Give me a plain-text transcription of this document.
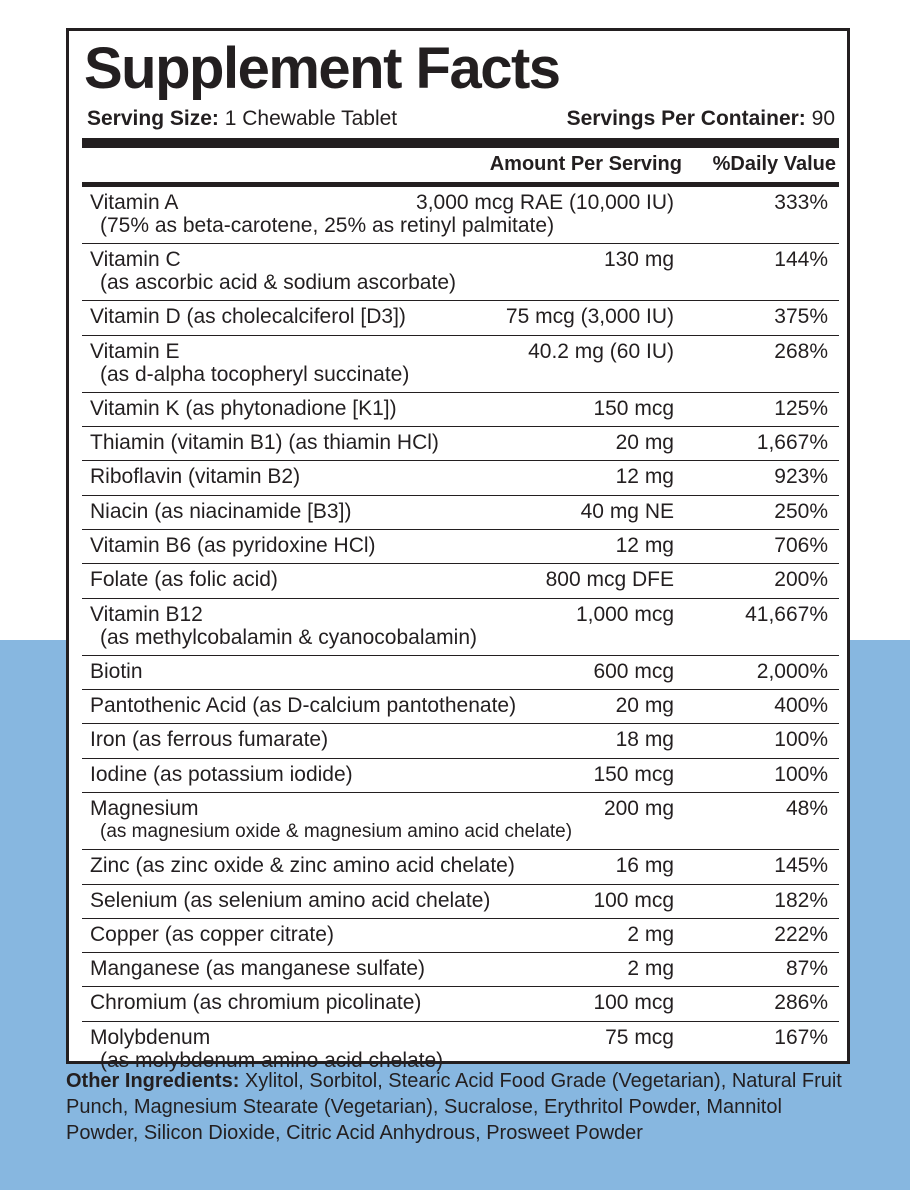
Supplement Facts
Serving Size: 1 Chewable Tablet	Servings Per Container: 90
Amount Per Serving %Daily Value
Vitamin A	3,000 mcg RAE (10,000 IU)	333%
(75% as beta-carotene, 25% as retinyl palmitate)
Vitamin C	130 mg	144%
(as ascorbic acid & sodium ascorbate)
Vitamin D (as cholecalciferol [D3])	75 mcg (3,000 IU)	375%
Vitamin E	40.2 mg (60 IU)	268%
(as d-alpha tocopheryl succinate)
Vitamin K (as phytonadione [K1])	150 mcg	125%
Thiamin (vitamin B1) (as thiamin HCl)	20 mg	1,667%
Riboflavin (vitamin B2)	12 mg	923%
Niacin (as niacinamide [B3])	40 mg NE	250%
Vitamin B6 (as pyridoxine HCl)	12 mg	706%
Folate (as folic acid)	800 mcg DFE	200%
Vitamin B12	1,000 mcg	41,667%
(as methylcobalamin & cyanocobalamin)
Biotin	600 mcg	2,000%
Pantothenic Acid (as D-calcium pantothenate)	20 mg	400%
Iron (as ferrous fumarate)	18 mg	100%
Iodine (as potassium iodide)	150 mcg	100%
Magnesium	200 mg	48%
(as magnesium oxide & magnesium amino acid chelate)
Zinc (as zinc oxide & zinc amino acid chelate)	16 mg	145%
Selenium (as selenium amino acid chelate)	100 mcg	182%
Copper (as copper citrate)	2 mg	222%
Manganese (as manganese sulfate)	2 mg	87%
Chromium (as chromium picolinate)	100 mcg	286%
Molybdenum	75 mcg	167%
(as molybdenum amino acid chelate)
Other Ingredients: Xylitol, Sorbitol, Stearic Acid Food Grade (Vegetarian), Natural Fruit Punch, Magnesium Stearate (Vegetarian), Sucralose, Erythritol Powder, Mannitol Powder, Silicon Dioxide, Citric Acid Anhydrous, Prosweet Powder
